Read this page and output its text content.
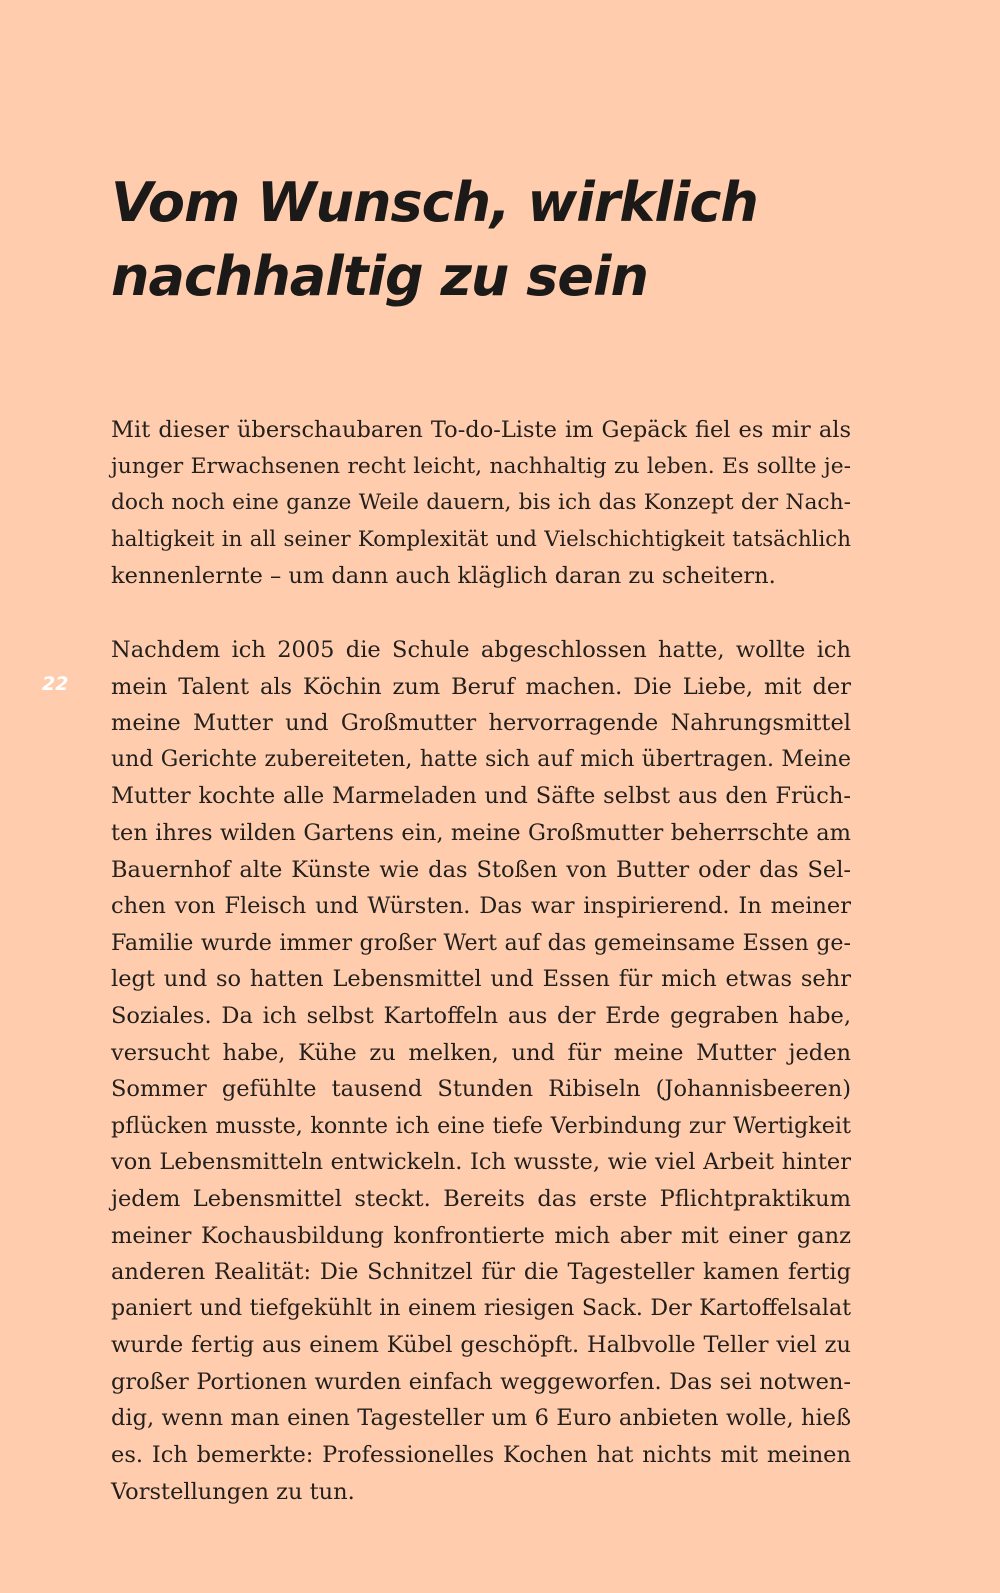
Vom Wunsch, wirklich
nachhaltig zu sein

22

Mit dieser überschaubaren To-do-Liste im Gepäck fiel es mir als
junger Erwachsenen recht leicht, nachhaltig zu leben. Es sollte je-
doch noch eine ganze Weile dauern, bis ich das Konzept der Nach-
haltigkeit in all seiner Komplexität und Vielschichtigkeit tatsächlich
kennenlernte – um dann auch kläglich daran zu scheitern.
Nachdem ich 2005 die Schule abgeschlossen hatte, wollte ich
mein Talent als Köchin zum Beruf machen. Die Liebe, mit der
meine Mutter und Großmutter hervorragende Nahrungsmittel
und Gerichte zubereiteten, hatte sich auf mich übertragen. Meine
Mutter kochte alle Marmeladen und Säfte selbst aus den Früch-
ten ihres wilden Gartens ein, meine Großmutter beherrschte am
Bauernhof alte Künste wie das Stoßen von Butter oder das Sel-
chen von Fleisch und Würsten. Das war inspirierend. In meiner
Familie wurde immer großer Wert auf das gemeinsame Essen ge-
legt und so hatten Lebensmittel und Essen für mich etwas sehr
Soziales. Da ich selbst Kartoffeln aus der Erde gegraben habe,
versucht habe, Kühe zu melken, und für meine Mutter jeden
Sommer gefühlte tausend Stunden Ribiseln (Johannisbeeren)
pflücken musste, konnte ich eine tiefe Verbindung zur Wertigkeit
von Lebensmitteln entwickeln. Ich wusste, wie viel Arbeit hinter
jedem Lebensmittel steckt. Bereits das erste Pflichtpraktikum
meiner Kochausbildung konfrontierte mich aber mit einer ganz
anderen Realität: Die Schnitzel für die Tagesteller kamen fertig
paniert und tiefgekühlt in einem riesigen Sack. Der Kartoffelsalat
wurde fertig aus einem Kübel geschöpft. Halbvolle Teller viel zu
großer Portionen wurden einfach weggeworfen. Das sei notwen-
dig, wenn man einen Tagesteller um 6 Euro anbieten wolle, hieß
es. Ich bemerkte: Professionelles Kochen hat nichts mit meinen
Vorstellungen zu tun.
